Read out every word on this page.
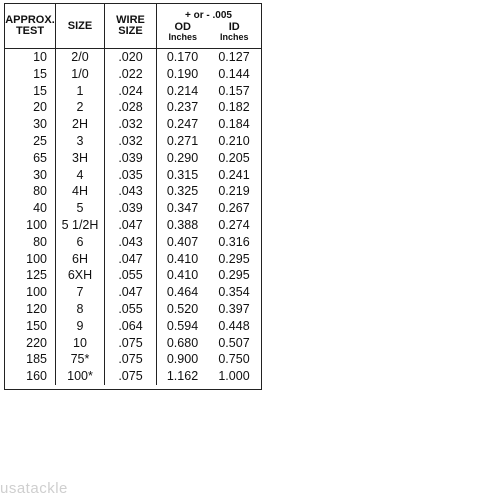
APPROX.
TEST SIZE WIRE
SIZE
+ or - .005
OD
Inches
ID
Inches
10
15
15
20
30
25
65
30
80
40
100
80
100
125
100
120
150
220
185
160
2/0
1/0
1
2
2H
3
3H
4
4H
5
5 1/2H
6
6H
6XH
7
8
9
10
75*
100*
.020
.022
.024
.028
.032
.032
.039
.035
.043
.039
.047
.043
.047
.055
.047
.055
.064
.075
.075
.075
0.170
0.190
0.214
0.237
0.247
0.271
0.290
0.315
0.325
0.347
0.388
0.407
0.410
0.410
0.464
0.520
0.594
0.680
0.900
1.162
0.127
0.144
0.157
0.182
0.184
0.210
0.205
0.241
0.219
0.267
0.274
0.316
0.295
0.295
0.354
0.397
0.448
0.507
0.750
1.000
usatackle
